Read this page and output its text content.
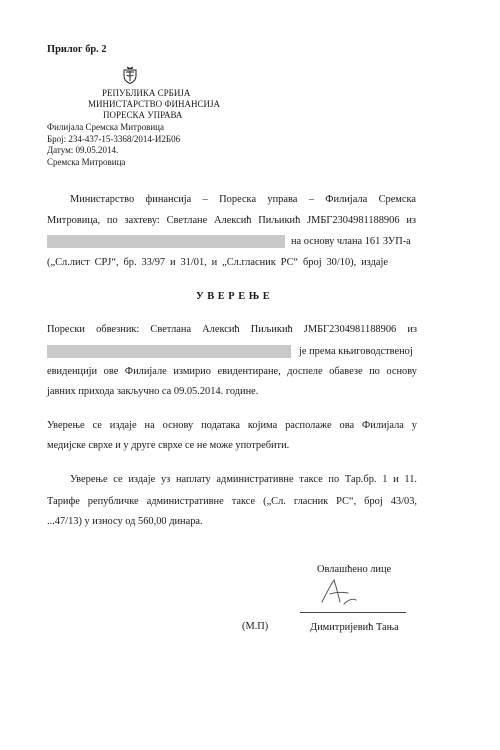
Прилог бр. 2
РЕПУБЛИКА СРБИЈА
МИНИСТАРСТВО ФИНАНСИЈА
ПОРЕСКА УПРАВА
Филијала Сремска Митровица
Број: 234-437-15-3368/2014-И2Б06
Датум: 09.05.2014.
Сремска Митровица
Министарство финансија – Пореска управа – Филијала Сремска
Митровица, по захтеву: Светлане Алексић Пиљикић ЈМБГ2304981188906 из
на основу члана 161 ЗУП-а
(„Сл.лист СРЈ“, бр. 33/97 и 31/01, и „Сл.гласник РС“ број 30/10), издаје
У В Е Р Е Њ Е
Порески обвезник: Светлана Алексић Пиљикић ЈМБГ2304981188906 из
је према књиговодственој
евиденцији ове Филијале измирио евидентиране, доспеле обавезе по основу
јавних прихода закључно са 09.05.2014. године.
Уверење се издаје на основу података којима располаже ова Филијала у
медијске сврхе и у друге сврхе се не може употребити.
Уверење се издаје уз наплату административне таксе по Тар.бр. 1 и 11.
Тарифе републичке административне таксе („Сл. гласник РС“, број 43/03,
...47/13) у износу од 560,00 динара.
Овлашћено лице
(М.П)	Димитријевић Тања
